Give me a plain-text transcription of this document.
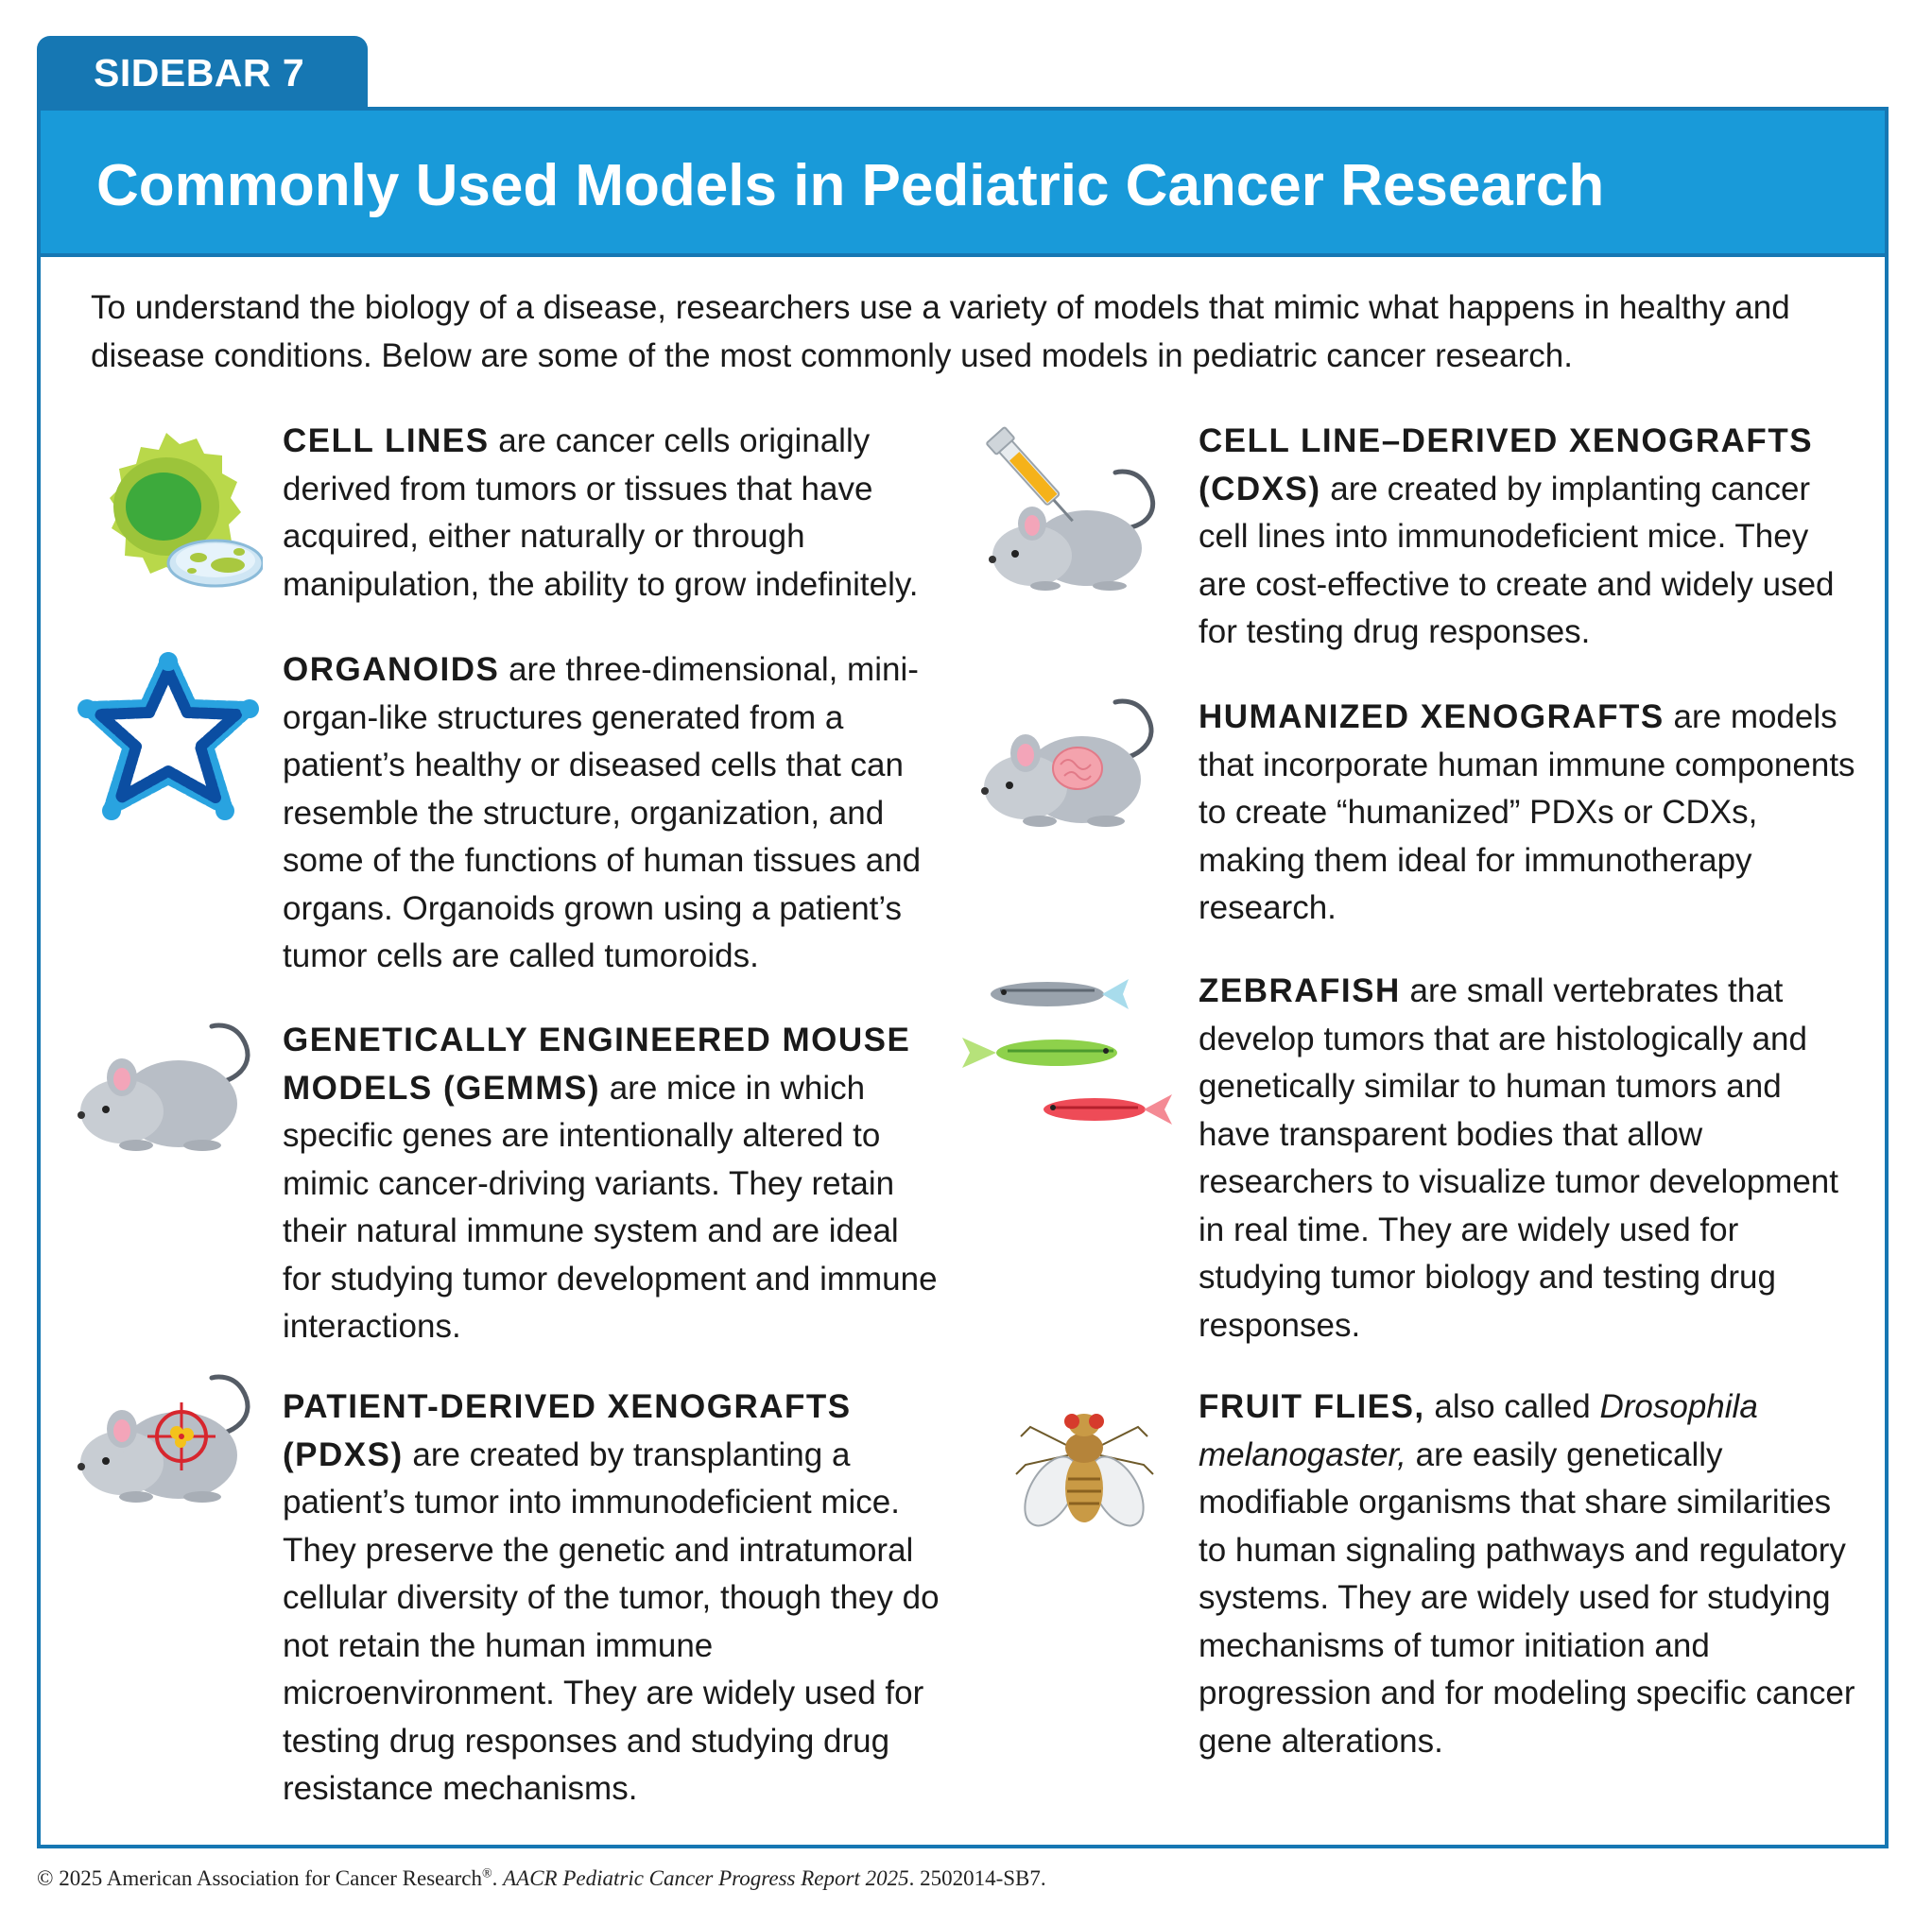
SIDEBAR 7
Commonly Used Models in Pediatric Cancer Research

To understand the biology of a disease, researchers use a variety of models that mimic what happens in healthy and disease conditions. Below are some of the most commonly used models in pediatric cancer research.

CELL LINES are cancer cells originally derived from tumors or tissues that have acquired, either naturally or through manipulation, the ability to grow indefinitely.

ORGANOIDS are three-dimensional, mini-organ-like structures generated from a patient’s healthy or diseased cells that can resemble the structure, organization, and some of the functions of human tissues and organs. Organoids grown using a patient’s tumor cells are called tumoroids.

GENETICALLY ENGINEERED MOUSE MODELS (GEMMS) are mice in which specific genes are intentionally altered to mimic cancer-driving variants. They retain their natural immune system and are ideal for studying tumor development and immune interactions.

PATIENT-DERIVED XENOGRAFTS (PDXS) are created by transplanting a patient’s tumor into immunodeficient mice. They preserve the genetic and intratumoral cellular diversity of the tumor, though they do not retain the human immune microenvironment. They are widely used for testing drug responses and studying drug resistance mechanisms.

CELL LINE–DERIVED XENOGRAFTS (CDXS) are created by implanting cancer cell lines into immunodeficient mice. They are cost-effective to create and widely used for testing drug responses.

HUMANIZED XENOGRAFTS are models that incorporate human immune components to create “humanized” PDXs or CDXs, making them ideal for immunotherapy research.

ZEBRAFISH are small vertebrates that develop tumors that are histologically and genetically similar to human tumors and have transparent bodies that allow researchers to visualize tumor development in real time. They are widely used for studying tumor biology and testing drug responses.

FRUIT FLIES, also called Drosophila melanogaster, are easily genetically modifiable organisms that share similarities to human signaling pathways and regulatory systems. They are widely used for studying mechanisms of tumor initiation and progression and for modeling specific cancer gene alterations.

© 2025 American Association for Cancer Research®. AACR Pediatric Cancer Progress Report 2025. 2502014-SB7.
